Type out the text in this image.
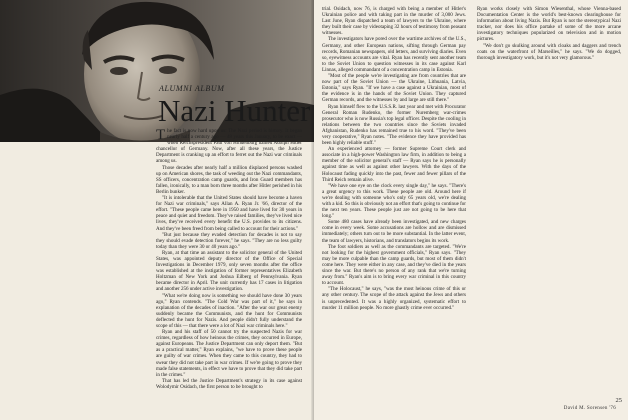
ALUMNI ALBUM
Nazi Hunter

The fact is now hard upon us: The Nazi period is history. It began nearly half a century ago — 48 years this January, to be exact — when Reichspresident Paul von Hindenburg named Adolph Hitler chancellor of Germany. Now, after all these years, the Justice Department is cranking up an effort to ferret out the Nazi war criminals among us.

Those decades after nearly half a million displaced persons washed up on American shores, the task of weeding out the Nazi commandants, SS officers, concentration camp guards, and Iron Guard members has fallen, ironically, to a man born three months after Hitler perished in his Berlin bunker.

"It is intolerable that the United States should have become a haven for Nazi war criminals," says Allan A. Ryan Jr. '66, director of the effort. "These people came here in 1950 and have lived for 30 years in peace and quiet and freedom. They've raised families, they've lived nice lives, they've received every benefit the U.S. provides to its citizens. And they've been freed from being called to account for their actions."

"But just because they evaded detection for decades is not to say they should evade detection forever," he says. "They are no less guilty today than they were 30 or 40 years ago."

Ryan, at that time an assistant to the solicitor general of the United States, was appointed deputy director of the Office of Special Investigations in December 1979, only seven months after the office was established at the instigation of former representatives Elizabeth Holtzman of New York and Joshua Eilberg of Pennsylvania. Ryan became director in April. The unit currently has 17 cases in litigation and another 256 under active investigation.

"What we're doing now is something we should have done 30 years ago," Ryan contends. "The Cold War was part of it," he says in explanation of the decades of inaction. "After the war our great enemy suddenly became the Communists, and the hunt for Communists deflected the hunt for Nazis. And people didn't fully understand the scope of this — that there were a lot of Nazi war criminals here."

Ryan and his staff of 50 cannot try the suspected Nazis for war crimes, regardless of how heinous the crimes, they occurred in Europe, against Europeans. The Justice Department can only deport them. "But as a practical matter," Ryan explains, "we have to prove these people are guilty of war crimes. When they came to this country, they had to swear they did not take part in war crimes. If we're going to prove they made false statements, in effect we have to prove that they did take part in the crimes."

That has led the Justice Department's strategy in its case against Wolodymir Osidach, the first person to be brought to

trial. Osidach, now 76, is charged with being a member of Hitler's Ukrainian police and with taking part in the murder of 3,000 Jews. Last June, Ryan dispatched a team of lawyers to the Ukraine, where they built their case by videotaping 32 hours of testimony from peasant witnesses.

The investigators have pored over the wartime archives of the U.S., Germany, and other European nations, sifting through German pay records, Romanian newspapers, old letters, and surviving diaries. Even so, eyewitness accounts are vital. Ryan has recently sent another team to the Soviet Union to question witnesses in its case against Karl Linnas, alleged commandant of a concentration camp in Estonia.

"Most of the people we're investigating are from countries that are now part of the Soviet Union — the Ukraine, Lithuania, Latvia, Estonia," says Ryan. "If we have a case against a Ukrainian, most of the evidence is in the hands of the Soviet Union. They captured German records, and the witnesses by and large are still there."

Ryan himself flew to the U.S.S.R. last year and met with Procurator General Roman Rudenko, the former Nuremberg war-crimes prosecutor who is now Russia's top legal officer. Despite the cooling in relations between the two countries since the Soviets invaded Afghanistan, Rudenko has remained true to his word. "They've been very cooperative," Ryan notes. "The evidence they have provided has been highly reliable stuff."

An experienced attorney — former Supreme Court clerk and associate in a high-power Washington law firm, in addition to being a member of the solicitor general's staff — Ryan says he is personally against time as well as against other lawyers. With the days of the Holocaust fading quickly into the past, fewer and fewer pillars of the Third Reich remain alive.

"We have one eye on the clock every single day," he says. "There's a great urgency to this work. These people are old. Around here if we're dealing with someone who's only 65 years old, we're dealing with a kid. So this is obviously not an effort that's going to continue for the next ten years. These people just are not going to be here that long."

Some 480 cases have already been investigated, and new charges come in every week. Some accusations are hollow and are dismissed immediately; others turn out to be more substantial. In the latter event, the team of lawyers, historians, and translators begins its work.

The foot soldiers as well as the commandants are targeted. "We're not looking for the highest government officials," Ryan says. "They may be more culpable than the camp guards, but most of them didn't come here. They were either in any case, and they've died in the years since the war. But there's no person of any rank that we're turning away from." Ryan's aim is to bring every war criminal in this country to account.

"The Holocaust," he says, "was the most heinous crime of this or any other century. The scope of the attack against the Jews and others is unprecedented. It was a highly organized, systematic effort to murder 11 million people. No more ghastly crime ever occurred."

Ryan works closely with Simon Wiesenthal, whose Vienna-based Documentation Center is the world's best-known clearinghouse for information about living Nazis. But Ryan is not the stereotypical Nazi tracker, nor does his office partake of some of the more arcane investigatory techniques popularized on television and in motion pictures.

"We don't go skulking around with cloaks and daggers and trench coats on the waterfront of Marseilles," he says. "We do dogged, thorough investigatory work, but it's not very glamorous."

David M. Sorensen '76
25
